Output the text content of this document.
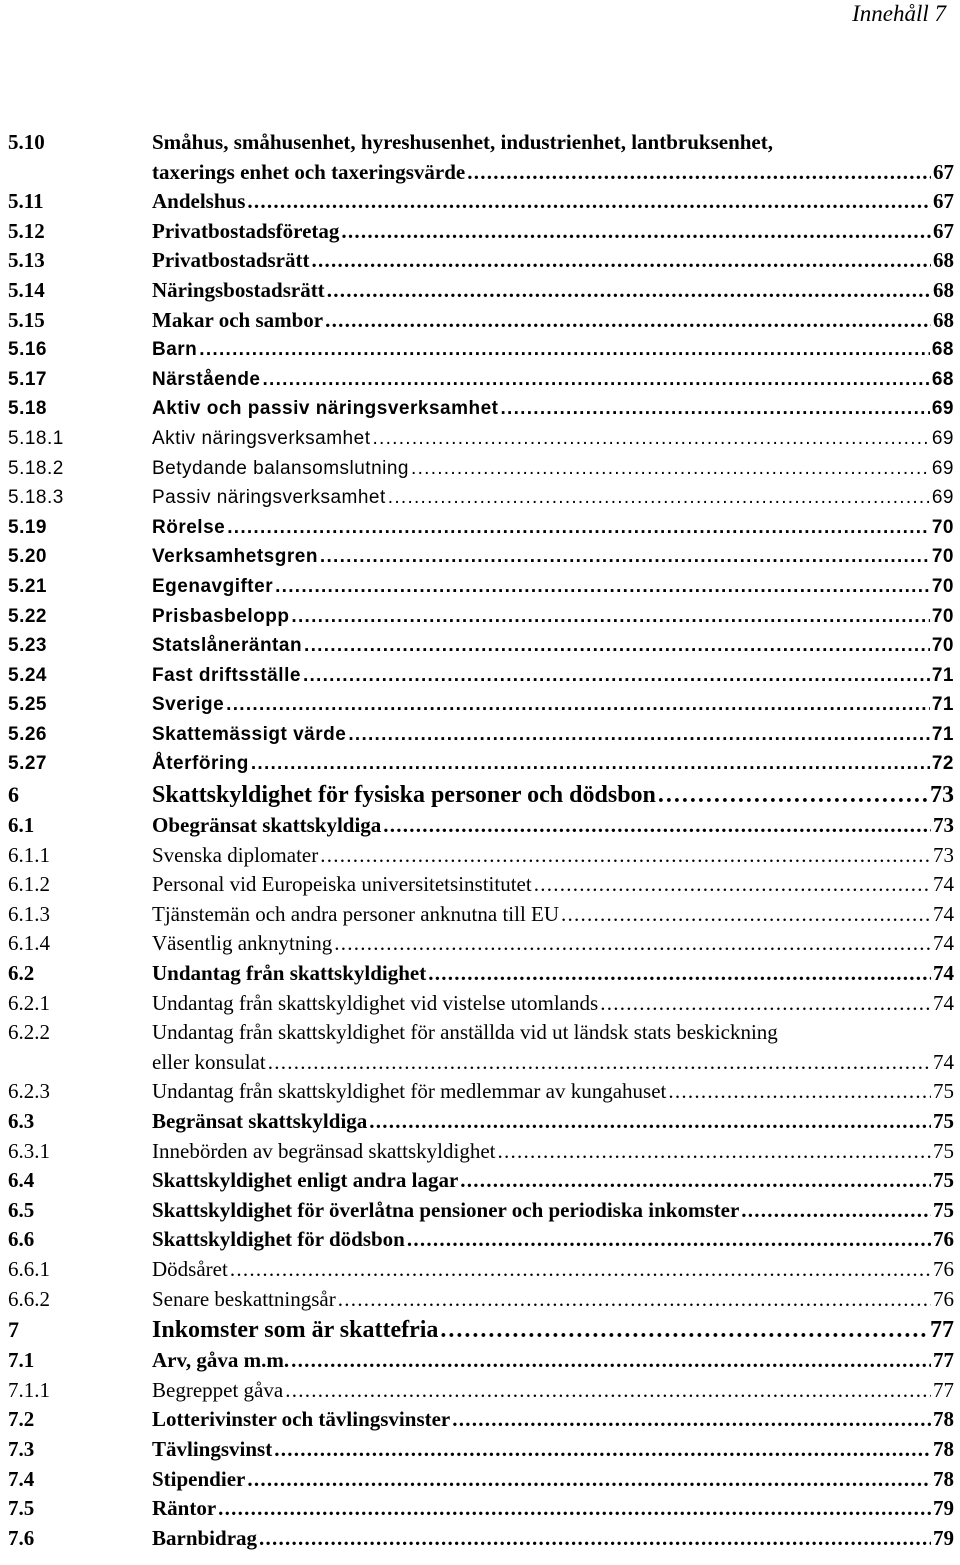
Innehåll 7
5.10	Småhus, småhusenhet, hyreshusenhet, industrienhet, lantbruksenhet,
taxerings enhet och taxeringsvärde . . .	67
5.11	Andelshus . . .	67
5.12	Privatbostadsföretag . . .	67
5.13	Privatbostadsrätt . . .	68
5.14	Näringsbostadsrätt . . .	68
5.15	Makar och sambor . . .	68
5.16	Barn . . .	68
5.17	Närstående . . .	68
5.18	Aktiv och passiv näringsverksamhet . . .	69
5.18.1	Aktiv näringsverksamhet . . .	69
5.18.2	Betydande balansomslutning . . .	69
5.18.3	Passiv näringsverksamhet . . .	69
5.19	Rörelse . . .	70
5.20	Verksamhetsgren . . .	70
5.21	Egenavgifter . . .	70
5.22	Prisbasbelopp . . .	70
5.23	Statslåneräntan . . .	70
5.24	Fast driftsställe . . .	71
5.25	Sverige . . .	71
5.26	Skattemässigt värde . . .	71
5.27	Återföring . . .	72
6	Skattskyldighet för fysiska personer och dödsbon . . .	73
6.1	Obegränsat skattskyldiga . . .	73
6.1.1	Svenska diplomater . . .	73
6.1.2	Personal vid Europeiska universitetsinstitutet . . .	74
6.1.3	Tjänstemän och andra personer anknutna till EU . . .	74
6.1.4	Väsentlig anknytning . . .	74
6.2	Undantag från skattskyldighet . . .	74
6.2.1	Undantag från skattskyldighet vid vistelse utomlands . . .	74
6.2.2	Undantag från skattskyldighet för anställda vid ut ländsk stats beskickning
eller konsulat . . .	74
6.2.3	Undantag från skattskyldighet för medlemmar av kungahuset . . .	75
6.3	Begränsat skattskyldiga . . .	75
6.3.1	Innebörden av begränsad skattskyldighet . . .	75
6.4	Skattskyldighet enligt andra lagar . . .	75
6.5	Skattskyldighet för överlåtna pensioner och periodiska inkomster . . .	75
6.6	Skattskyldighet för dödsbon . . .	76
6.6.1	Dödsåret . . .	76
6.6.2	Senare beskattningsår . . .	76
7	Inkomster som är skattefria . . .	77
7.1	Arv, gåva m.m. . . .	77
7.1.1	Begreppet gåva . . .	77
7.2	Lotterivinster och tävlingsvinster . . .	78
7.3	Tävlingsvinst . . .	78
7.4	Stipendier . . .	78
7.5	Räntor . . .	79
7.6	Barnbidrag . . .	79
